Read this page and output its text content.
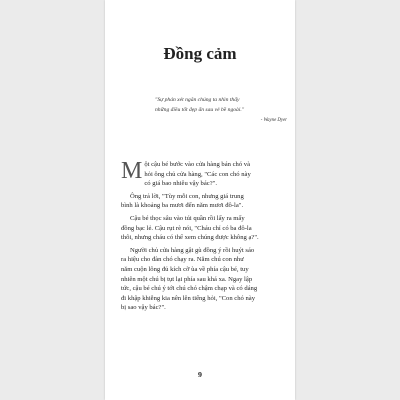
Đồng cảm
"Sự phán xét ngăn chúng ta nhìn thấy
những điều tốt đẹp ẩn sau vẻ bề ngoài."
- Wayne Dyer
M ột cậu bé bước vào cửa hàng bán chó và
hỏi ông chủ cửa hàng, "Các con chó này
có giá bao nhiêu vậy bác?".
Ông trả lời, "Tùy mỗi con, nhưng giá trung
bình là khoảng ba mươi đến năm mươi đô-la".
Cậu bé thọc sâu vào túi quần rồi lấy ra mấy
đồng bạc lẻ. Cậu rụt rè nói, "Cháu chỉ có ba đô-la
thôi, nhưng cháu có thể xem chúng được không ạ?".
Người chủ cửa hàng gật gù đồng ý rồi huýt sáo
ra hiệu cho đàn chó chạy ra. Năm chú con như
năm cuộn lông đủ kích cỡ ùa về phía cậu bé, tuy
nhiên một chú bị tụt lại phía sau khá xa. Ngay lập
tức, cậu bé chú ý tới chú chó chậm chạp và có dáng
đi khập khiễng kia nên lên tiếng hỏi, "Con chó này
bị sao vậy bác?".
9
